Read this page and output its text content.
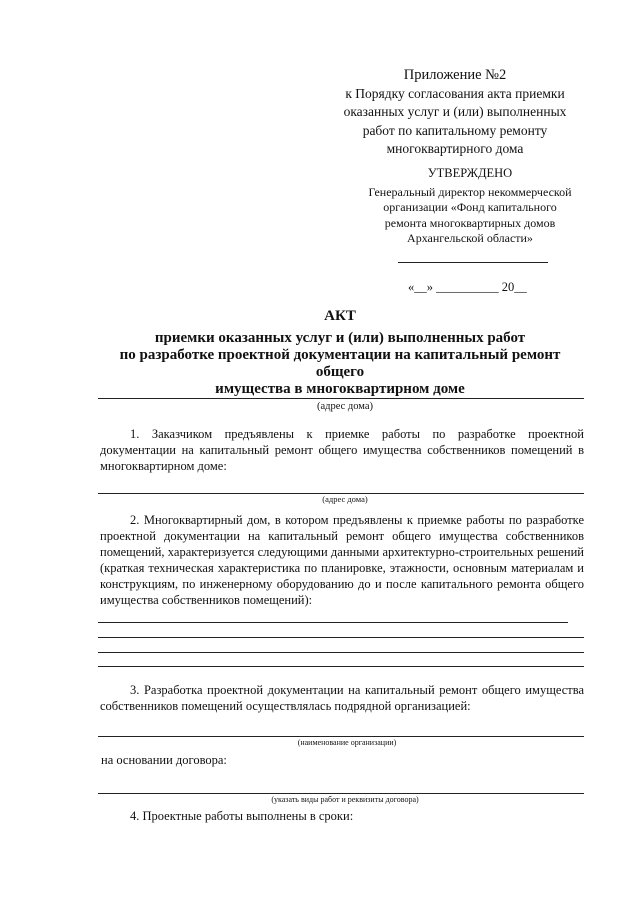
Приложение №2
к Порядку согласования акта приемки
оказанных услуг и (или) выполненных
работ по капитальному ремонту
многоквартирного дома
УТВЕРЖДЕНО
Генеральный директор некоммерческой
организации «Фонд капитального
ремонта многоквартирных домов
Архангельской области»
«__» __________ 20__
АКТ
приемки оказанных услуг и (или) выполненных работ
по разработке проектной документации на капитальный ремонт общего
имущества в многоквартирном доме
(адрес дома)
1. Заказчиком предъявлены к приемке работы по разработке проектной документации на капитальный ремонт общего имущества собственников помещений в многоквартирном доме:
(адрес дома)
2. Многоквартирный дом, в котором предъявлены к приемке работы по разработке проектной документации на капитальный ремонт общего имущества собственников помещений, характеризуется следующими данными архитектурно-строительных решений (краткая техническая характеристика по планировке, этажности, основным материалам и конструкциям, по инженерному оборудованию до и после капитального ремонта общего имущества собственников помещений):
3. Разработка проектной документации на капитальный ремонт общего имущества собственников помещений осуществлялась подрядной организацией:
(наименование организации)
на основании договора:
(указать виды работ и реквизиты договора)
4. Проектные работы выполнены в сроки:
